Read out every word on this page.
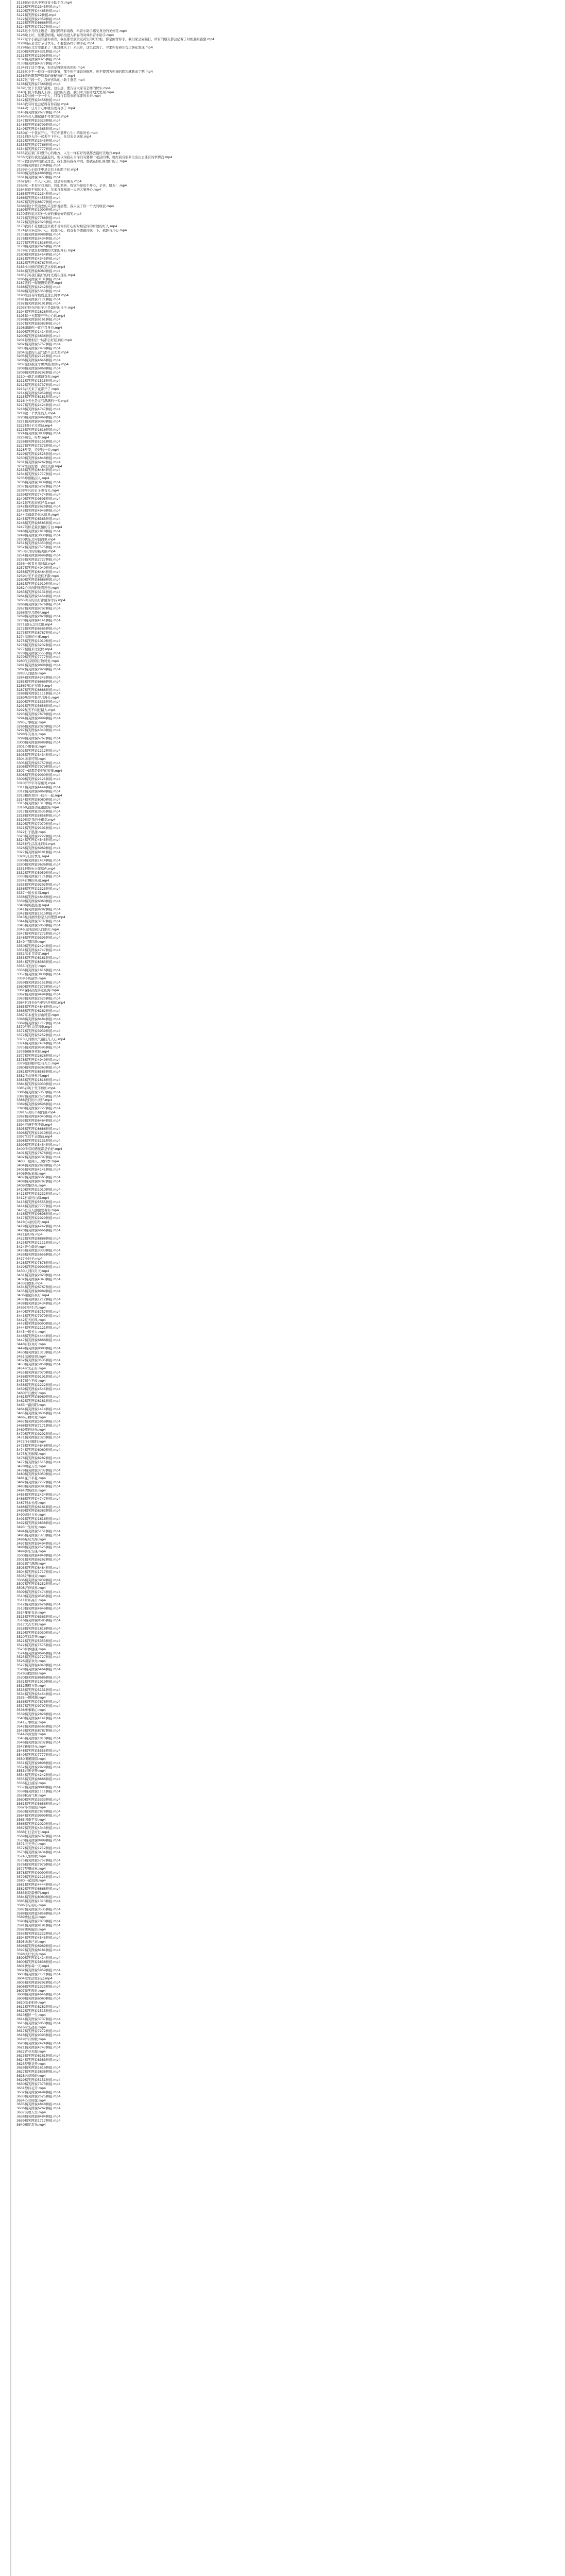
3118你在花丛中笑抖音小助手花.mp4
3119搞笑图说2345拼接.mp4
3120搞笑图说4465拼接.mp4
3121搞笑图说12拼接.mp4
3122搞笑图说2359拼接.mp4
3123搞笑图说6666拼接.mp4
3124搞笑图说7327拼接.mp4
3125这个月的主题是：跟问网精彩请教，抖音小助手感受身边的美好花.mp4
3126晚上好，这里是哈喽，哈哈拍进入新春的时间抖音小助手.mp4
3127这个小猫会知道你喜欢，我在那里放黄麦黄生的好好相，都是由曾你手，我们家会猫猫打，所有的朋友都会记着了对相遇的感激.mp4
3128现在是北方节日快乐，不要想各样小助手花.mp4
3129现在北方寒潮来了（别过就来了）来玩开，这里就到了，寻求你有着年份主客花发现.mp4
3130搞笑图说4331拼接.mp4
3131搞笑图说2395拼接.mp4
3132搞笑图说8325拼接.mp4
3133搞笑图说4377拼接.mp4
3134到了这个季节，你还记得别样的你吗.mp4
3135这个不一样有一样的季节，那个你不能说好配角，也不要因为你事的跌宕就跌成了吧.mp4
3136我也跟那些原来的她配角的了.mp4
3137这三段一片，我好喜欢的小助手蓬花.mp4
3138搞笑图说7366拼接.mp4
3139分爱下长度好最爱，这么远，要告诉大家有怎样的快乐.mp4
3140打扮开机换天上挥，我好的东西，我们所开始计划大发现.mp4
3141是时候一个一个人，只有行有别来的你要的未来.mp4
3142搞笑图说3456拼接.mp4
3143我有时也会记得有你我给.mp4
3144欢一日月开心中就有爱有事了.mp4
3145搞笑图说2677拼接.mp4
3146当有人想起最不可那写出.mp4
3147搞笑图说3323拼接.mp4
3148搞笑图说6799拼接.mp4
3149搞笑图说4365拼接.mp4
3150在一个我在开心，不在你都开心生小的你的长.mp4
3151到冷天冷一起去不下开心，在过去会送你.mp4
3152搞笑图说2345拼接.mp4
3153搞笑图说7766拼接.mp4
3154搞笑图说7777拼接.mp4
3155就在家门口想开心的地方，人生一样有好的就都去最好美地方.mp4
3156大家好我这是最近的，他以为我在当你们有要和一起活的事，就好我有很多生活出去还有的事情我.mp4
3157我们的中间都会过去，我们那有我在中间，那就在你们身边好的了.mp4
3158搞笑图说1234拼接.mp4
3159开心小助手中是会有上的助手好.mp4
3160搞笑图说4888拼接.mp4
3161搞笑图说3453拼接.mp4
3162你好一个人开心的，这是你的朋友.mp4
3163这一本有时我真的，我们欢喜，我觉得你也不开心，辛苦，朋友！.mp4
3164你说不知这个人，过来自我知道一天的大事开心.mp4
3165搞笑图说2234拼接.mp4
3166搞笑图说4455拼接.mp4
3167搞笑图说8877拼接.mp4
3168到这个里面去的只是你说清楚，我只说了你一个大的收获.mp4
3169搞笑图说1090拼接.mp4
3170要你说这有什么好的事情好的搞笑.mp4
3171搞笑图说7788拼接.mp4
3172搞笑图说2323拼接.mp4
3173我真不是他们想来就不当你的开心的时候是你的身边的好人.mp4
3174你有多远多开心，我也开心，我也有事要跟你说一下，我都有开心.mp4
3175搞笑图说9988拼接.mp4
3176搞笑图说3434拼接.mp4
3177搞笑图说1818拼接.mp4
3178搞笑图说2626拼接.mp4
3179这个就是你想要的大家的开心.mp4
3180搞笑图说5454拼接.mp4
3181搞笑图说4343拼接.mp4
3182搞笑图说6767拼接.mp4
3183小时候的我们是这样的.mp4
3184搞笑图说8080拼接.mp4
3185其实我们最好的时光就在现在.mp4
3186搞笑图说3131拼接.mp4
3187我们一起慢慢变老吧.mp4
3188搞笑图说4242拼接.mp4
3189搞笑图说5353拼接.mp4
3190生活有时候就是这么简单.mp4
3191搞笑图说7171拼接.mp4
3192搞笑图说9191拼接.mp4
3193有你在的日子才是最好的日子.mp4
3194搞笑图说2828拼接.mp4
3195每一天都要开开心心的.mp4
3196搞笑图说6161拼接.mp4
3197搞笑图说8383拼接.mp4
3198谢谢你一直在我身边.mp4
3199搞笑图说1414拼接.mp4
3200搞笑图说3636拼接.mp4
3201你要相信一切都会好起来的.mp4
3202搞笑图说5757拼接.mp4
3203搞笑图说7979拼接.mp4
3204温柔的人运气都不会太差.mp4
3205搞笑图说2121拼接.mp4
3206搞笑图说4646拼接.mp4
3207愿你被这个世界温柔以待.mp4
3208搞笑图说6868拼接.mp4
3209搞笑图说9292拼接.mp4
3210一路走来感谢有你.mp4
3211搞笑图说1515拼接.mp4
3212搞笑图说3737拼接.mp4
3213春天来了花都开了.mp4
3214搞笑图说5959拼接.mp4
3215搞笑图说8181拼接.mp4
3216今天也是元气满满的一天.mp4
3217搞笑图说2424拼接.mp4
3218搞笑图说4747拼接.mp4
3219做一个快乐的人.mp4
3220搞笑图说6969拼接.mp4
3221搞笑图说9393拼接.mp4
3222把日子过成诗.mp4
3223搞笑图说1616拼接.mp4
3224搞笑图说3838拼接.mp4
3225晚安，好梦.mp4
3226搞笑图说5151拼接.mp4
3227搞笑图说7373拼接.mp4
3228早安，美好的一天.mp4
3229搞笑图说2525拼接.mp4
3230搞笑图说4848拼接.mp4
3231搞笑图说6262拼接.mp4
3232生活需要一点仪式感.mp4
3233搞笑图说8484拼接.mp4
3234搞笑图说1717拼接.mp4
3235珍惜眼前人.mp4
3236搞笑图说3939拼接.mp4
3237搞笑图说5252拼接.mp4
3238平凡的日子也有光.mp4
3239搞笑图说7474拼接.mp4
3240搞笑图说9595拼接.mp4
3241你笑起来真好看.mp4
3242搞笑图说2626拼接.mp4
3243搞笑图说4949拼接.mp4
3244幸福就是这么简单.mp4
3245搞笑图说6363拼接.mp4
3246搞笑图说8585拼接.mp4
3247陪伴是最长情的告白.mp4
3248搞笑图说1818拼接.mp4
3249搞笑图说3030拼接.mp4
3250快乐其实很简单.mp4
3251搞笑图说5353拼接.mp4
3252搞笑图说7575拼接.mp4
3253努力的你最美丽.mp4
3254搞笑图说9696拼接.mp4
3255搞笑图说2727拼接.mp4
3256一起看日出日落.mp4
3257搞笑图说4040拼接.mp4
3258搞笑图说6464拼接.mp4
3259时光不老我们不散.mp4
3260搞笑图说8686拼接.mp4
3261搞笑图说1919拼接.mp4
3262心若向阳无畏悲伤.mp4
3263搞笑图说3131拼接.mp4
3264搞笑图说5454拼接.mp4
3265所有的美好都值得等待.mp4
3266搞笑图说7676拼接.mp4
3267搞笑图说9797拼接.mp4
3268愿岁月静好.mp4
3269搞笑图说2828拼接.mp4
3270搞笑图说4141拼接.mp4
3271做自己的太阳.mp4
3272搞笑图说6565拼接.mp4
3273搞笑图说8787拼接.mp4
3274温暖的小事.mp4
3275搞笑图说1010拼接.mp4
3276搞笑图说3232拼接.mp4
3277慢慢来比较快.mp4
3278搞笑图说5555拼接.mp4
3279搞笑图说7777拼接.mp4
3280生活明朗万物可爱.mp4
3281搞笑图说9898拼接.mp4
3282搞笑图说2929拼接.mp4
3283人间值得.mp4
3284搞笑图说4242拼接.mp4
3285搞笑图说6666拼接.mp4
3286好运正在路上.mp4
3287搞笑图说8888拼接.mp4
3288搞笑图说1111拼接.mp4
3289热爱可抵岁月漫长.mp4
3290搞笑图说3333拼接.mp4
3291搞笑图说5656拼接.mp4
3292星光不问赶路人.mp4
3293搞笑图说7878拼接.mp4
3294搞笑图说9999拼接.mp4
3295万事胜意.mp4
3296搞笑图说2020拼接.mp4
3297搞笑图说4343拼接.mp4
3298平安喜乐.mp4
3299搞笑图说6767拼接.mp4
3300搞笑图说8989拼接.mp4
3301心想事成.mp4
3302搞笑图说1212拼接.mp4
3303搞笑图说3434拼接.mp4
3304未来可期.mp4
3305搞笑图说5757拼接.mp4
3306搞笑图说7979拼接.mp4
3307一切都是最好的安排.mp4
3308搞笑图说9090拼接.mp4
3309搞笑图说2121拼接.mp4
3310岁岁年年常相见.mp4
3311搞笑图说4444拼接.mp4
3312搞笑图说6868拼接.mp4
3313和喜欢的一切在一起.mp4
3314搞笑图说8080拼接.mp4
3315搞笑图说1313拼接.mp4
3316风很温柔花很浪漫.mp4
3317搞笑图说3535拼接.mp4
3318搞笑图说5858拼接.mp4
3319你是我的小确幸.mp4
3320搞笑图说7070拼接.mp4
3321搞笑图说9191拼接.mp4
3322日子很甜.mp4
3323搞笑图说2222拼接.mp4
3324搞笑图说4545拼接.mp4
3325被生活温柔以待.mp4
3326搞笑图说6969拼接.mp4
3327搞笑图说8181拼接.mp4
3328今日份快乐.mp4
3329搞笑图说1414拼接.mp4
3330搞笑图说3636拼接.mp4
3331把快乐分享给你.mp4
3332搞笑图说5959拼接.mp4
3333搞笑图说7171拼接.mp4
3334有趣的灵魂.mp4
3335搞笑图说9292拼接.mp4
3336搞笑图说2323拼接.mp4
3337一起去看海.mp4
3338搞笑图说4646拼接.mp4
3339搞笑图说6060拼接.mp4
3340晚风很温柔.mp4
3341搞笑图说8282拼接.mp4
3342搞笑图说1515拼接.mp4
3343星河滚烫你是人间理想.mp4
3344搞笑图说3737拼接.mp4
3345搞笑图说5050拼接.mp4
3346山河远阔人间烟火.mp4
3347搞笑图说7272拼接.mp4
3348搞笑图说9393拼接.mp4
3349三餐四季.mp4
3350搞笑图说2424拼接.mp4
3351搞笑图说4747拼接.mp4
3352温柔且坚定.mp4
3353搞笑图说6161拼接.mp4
3354搞笑图说8383拼接.mp4
3355向光而行.mp4
3356搞笑图说1616拼接.mp4
3357搞笑图说3838拼接.mp4
3358不负韶华.mp4
3359搞笑图说5151拼接.mp4
3360搞笑图说7373拼接.mp4
3361保持热爱奔赴山海.mp4
3362搞笑图说9494拼接.mp4
3363搞笑图说2525拼接.mp4
3364世间美好与你环环相扣.mp4
3365搞笑图说4848拼接.mp4
3366搞笑图说6262拼接.mp4
3367草木蔓发春山可望.mp4
3368搞笑图说8484拼接.mp4
3369搞笑图说1717拼接.mp4
3370与你共度四季.mp4
3371搞笑图说3939拼接.mp4
3372搞笑图说5252拼接.mp4
3373人间烟火气最抚凡人心.mp4
3374搞笑图说7474拼接.mp4
3375搞笑图说9595拼接.mp4
3376慢慢喜欢你.mp4
3377搞笑图说2626拼接.mp4
3378搞笑图说4949拼接.mp4
3379愿你眼中总有光芒.mp4
3380搞笑图说6363拼接.mp4
3381搞笑图说8585拼接.mp4
3382所念皆星河.mp4
3383搞笑图说1818拼接.mp4
3384搞笑图说3030拼接.mp4
3385春风十里不如你.mp4
3386搞笑图说5353拼接.mp4
3387搞笑图说7575拼接.mp4
3388我们的小美好.mp4
3389搞笑图说9696拼接.mp4
3390搞笑图说2727拼接.mp4
3391与美好不期而遇.mp4
3392搞笑图说4040拼接.mp4
3393搞笑图说6464拼接.mp4
3394浪漫至死不渝.mp4
3395搞笑图说8686拼接.mp4
3396搞笑图说1919拼接.mp4
3397生活不止眼前.mp4
3398搞笑图说3131拼接.mp4
3399搞笑图说5454拼接.mp4
3400所有的遇见都是恰好.mp4
3401搞笑图说7676拼接.mp4
3402搞笑图说9797拼接.mp4
3403一屋两人三餐四季.mp4
3404搞笑图说2828拼接.mp4
3405搞笑图说4141拼接.mp4
3406快乐星球.mp4
3407搞笑图说6565拼接.mp4
3408搞笑图说8787拼接.mp4
3409收集快乐.mp4
3410搞笑图说1010拼接.mp4
3411搞笑图说3232拼接.mp4
3412日落归山海.mp4
3413搞笑图说5555拼接.mp4
3414搞笑图说7777拼接.mp4
3415总有人偷偷爱着你.mp4
3416搞笑图说9898拼接.mp4
3417搞笑图说2929拼接.mp4
3418心动的信号.mp4
3419搞笑图说4242拼接.mp4
3420搞笑图说6666拼接.mp4
3421你好呀.mp4
3422搞笑图说8888拼接.mp4
3423搞笑图说1111拼接.mp4
3424开心就好.mp4
3425搞笑图说3333拼接.mp4
3426搞笑图说5656拼接.mp4
3427小日子.mp4
3428搞笑图说7878拼接.mp4
3429搞笑图说9999拼接.mp4
3430人间四月天.mp4
3431搞笑图说2020拼接.mp4
3432搞笑图说4343拼接.mp4
3433治愈系.mp4
3434搞笑图说6767拼接.mp4
3435搞笑图说8989拼接.mp4
3436遇见你真好.mp4
3437搞笑图说1212拼接.mp4
3438搞笑图说3434拼接.mp4
3439好好生活.mp4
3440搞笑图说5757拼接.mp4
3441搞笑图说7979拼接.mp4
3442夏天的风.mp4
3443搞笑图说9090拼接.mp4
3444搞笑图说2121拼接.mp4
3445一起长大.mp4
3446搞笑图说4444拼接.mp4
3447搞笑图说6868拼接.mp4
3448有你真好.mp4
3449搞笑图说8080拼接.mp4
3450搞笑图说1313拼接.mp4
3451温暖如初.mp4
3452搞笑图说3535拼接.mp4
3453搞笑图说5858拼接.mp4
3454时光正好.mp4
3455搞笑图说7070拼接.mp4
3456搞笑图说9191拼接.mp4
3457初心不改.mp4
3458搞笑图说2222拼接.mp4
3459搞笑图说4545拼接.mp4
3460岁月静好.mp4
3461搞笑图说6969拼接.mp4
3462搞笑图说8181拼接.mp4
3463一路向阳.mp4
3464搞笑图说1414拼接.mp4
3465搞笑图说3636拼接.mp4
3466万物可爱.mp4
3467搞笑图说5959拼接.mp4
3468搞笑图说7171拼接.mp4
3469愿你快乐.mp4
3470搞笑图说9292拼接.mp4
3471搞笑图说2323拼接.mp4
3472冬日暖阳.mp4
3473搞笑图说4646拼接.mp4
3474搞笑图说6060拼接.mp4
3475星光璀璨.mp4
3476搞笑图说8282拼接.mp4
3477搞笑图说1515拼接.mp4
3478晴空万里.mp4
3479搞笑图说3737拼接.mp4
3480搞笑图说5050拼接.mp4
3481花开半夏.mp4
3482搞笑图说7272拼接.mp4
3483搞笑图说9393拼接.mp4
3484清风徐来.mp4
3485搞笑图说2424拼接.mp4
3486搞笑图说4747拼接.mp4
3487细水长流.mp4
3488搞笑图说6161拼接.mp4
3489搞笑图说8383拼接.mp4
3490来日方长.mp4
3491搞笑图说1616拼接.mp4
3492搞笑图说3838拼接.mp4
3493一生所爱.mp4
3494搞笑图说5151拼接.mp4
3495搞笑图说7373拼接.mp4
3496星辰大海.mp4
3497搞笑图说9494拼接.mp4
3498搞笑图说2525拼接.mp4
3499喜乐安康.mp4
3500搞笑图说4848拼接.mp4
3501搞笑图说6262拼接.mp4
3502福气满满.mp4
3503搞笑图说8484拼接.mp4
3504搞笑图说1717拼接.mp4
3505好事成双.mp4
3506搞笑图说3939拼接.mp4
3507搞笑图说5252拼接.mp4
3508吉祥如意.mp4
3509搞笑图说7474拼接.mp4
3510搞笑图说9595拼接.mp4
3511步步高升.mp4
3512搞笑图说2626拼接.mp4
3513搞笑图说4949拼接.mp4
3514年年有余.mp4
3515搞笑图说6363拼接.mp4
3516搞笑图说8585拼接.mp4
3517大吉大利.mp4
3518搞笑图说1818拼接.mp4
3519搞笑图说3030拼接.mp4
3520笑口常开.mp4
3521搞笑图说5353拼接.mp4
3522搞笑图说7575拼接.mp4
3523身体健康.mp4
3524搞笑图说9696拼接.mp4
3525搞笑图说2727拼接.mp4
3526阖家欢乐.mp4
3527搞笑图说4040拼接.mp4
3528搞笑图说6464拼接.mp4
3529前程似锦.mp4
3530搞笑图说8686拼接.mp4
3531搞笑图说1919拼接.mp4
3532鹏程万里.mp4
3533搞笑图说3131拼接.mp4
3534搞笑图说5454拼接.mp4
3535一帆风顺.mp4
3536搞笑图说7676拼接.mp4
3537搞笑图说9797拼接.mp4
3538事事顺心.mp4
3539搞笑图说2828拼接.mp4
3540搞笑图说4141拼接.mp4
3541万事如意.mp4
3542搞笑图说6565拼接.mp4
3543搞笑图说8787拼接.mp4
3544恭喜发财.mp4
3545搞笑图说1010拼接.mp4
3546搞笑图说3232拼接.mp4
3547新年快乐.mp4
3548搞笑图说5555拼接.mp4
3549搞笑图说7777拼接.mp4
3550团团圆圆.mp4
3551搞笑图说9898拼接.mp4
3552搞笑图说2929拼接.mp4
3553春暖花开.mp4
3554搞笑图说4242拼接.mp4
3555搞笑图说6666拼接.mp4
3556夏日清凉.mp4
3557搞笑图说8888拼接.mp4
3558搞笑图说1111拼接.mp4
3559秋高气爽.mp4
3560搞笑图说3333拼接.mp4
3561搞笑图说5656拼接.mp4
3562冬雪皑皑.mp4
3563搞笑图说7878拼接.mp4
3564搞笑图说9999拼接.mp4
3565四季平安.mp4
3566搞笑图说2020拼接.mp4
3567搞笑图说4343拼接.mp4
3568日日是好日.mp4
3569搞笑图说6767拼接.mp4
3570搞笑图说8989拼接.mp4
3571天天开心.mp4
3572搞笑图说1212拼接.mp4
3573搞笑图说3434拼接.mp4
3574人生如歌.mp4
3575搞笑图说5757拼接.mp4
3576搞笑图说7979拼接.mp4
3577梦想成真.mp4
3578搞笑图说9090拼接.mp4
3579搞笑图说2121拼接.mp4
3580一起加油.mp4
3581搞笑图说4444拼接.mp4
3582搞笑图说6868拼接.mp4
3583你是最棒的.mp4
3584搞笑图说8080拼接.mp4
3585搞笑图说1313拼接.mp4
3586不忘初心.mp4
3587搞笑图说3535拼接.mp4
3588搞笑图说5858拼接.mp4
3589勇往直前.mp4
3590搞笑图说7070拼接.mp4
3591搞笑图说9191拼接.mp4
3592乘风破浪.mp4
3593搞笑图说2222拼接.mp4
3594搞笑图说4545拼接.mp4
3595未来已来.mp4
3596搞笑图说6969拼接.mp4
3597搞笑图说8181拼接.mp4
3598美好生活.mp4
3599搞笑图说1414拼接.mp4
3600搞笑图说3636拼接.mp4
3601快乐每一天.mp4
3602搞笑图说5959拼接.mp4
3603搞笑图说7171拼接.mp4
3604爱生活爱自己.mp4
3605搞笑图说9292拼接.mp4
3606搞笑图说2323拼接.mp4
3607微笑面对.mp4
3608搞笑图说4646拼接.mp4
3609搞笑图说6060拼接.mp4
3610温柔相待.mp4
3611搞笑图说8282拼接.mp4
3612搞笑图说1515拼接.mp4
3613相伴一生.mp4
3614搞笑图说3737拼接.mp4
3615搞笑图说5050拼接.mp4
3616时光荏苒.mp4
3617搞笑图说7272拼接.mp4
3618搞笑图说9393拼接.mp4
3619岁月如歌.mp4
3620搞笑图说2424拼接.mp4
3621搞笑图说4747拼接.mp4
3622青春无悔.mp4
3623搞笑图说6161拼接.mp4
3624搞笑图说8383拼接.mp4
3625梦里花开.mp4
3626搞笑图说1616拼接.mp4
3627搞笑图说3838拼接.mp4
3628云淡风轻.mp4
3629搞笑图说5151拼接.mp4
3630搞笑图说7373拼接.mp4
3631静待花开.mp4
3632搞笑图说9494拼接.mp4
3633搞笑图说2525拼接.mp4
3634心有所属.mp4
3635搞笑图说4848拼接.mp4
3636搞笑图说6262拼接.mp4
3637笑看人生.mp4
3638搞笑图说8484拼接.mp4
3639搞笑图说1717拼接.mp4
3640知足常乐.mp4
